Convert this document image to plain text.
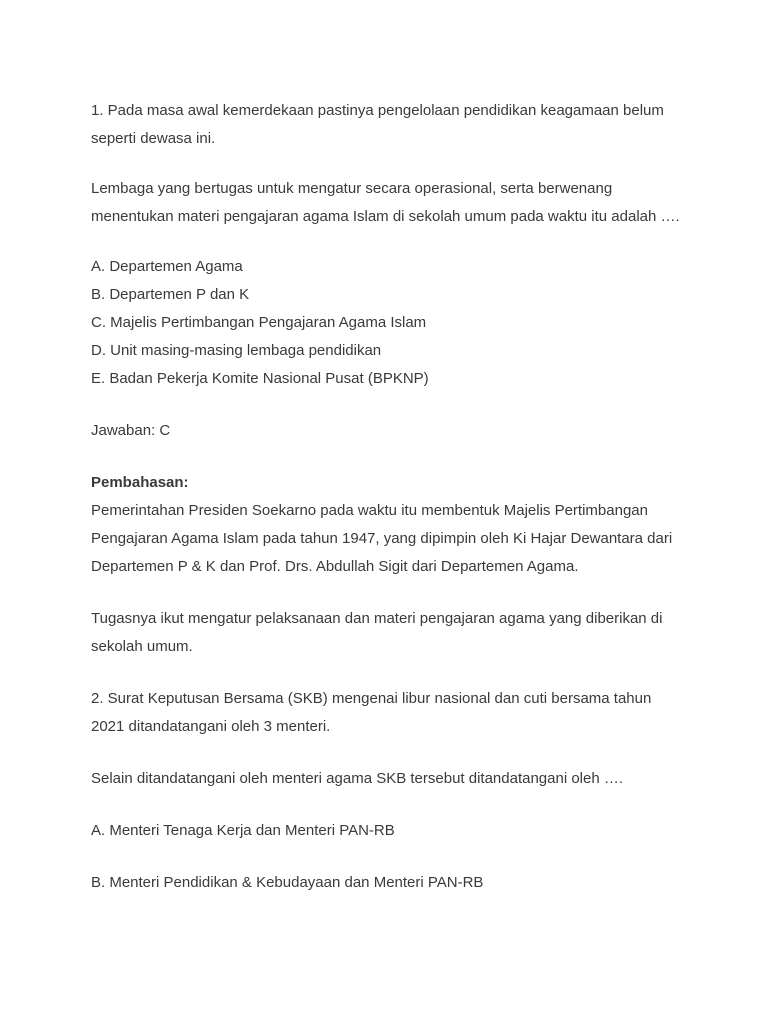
1. Pada masa awal kemerdekaan pastinya pengelolaan pendidikan keagamaan belum

seperti dewasa ini.

Lembaga yang bertugas untuk mengatur secara operasional, serta berwenang

menentukan materi pengajaran agama Islam di sekolah umum pada waktu itu adalah ….

A. Departemen Agama

B. Departemen P dan K

C. Majelis Pertimbangan Pengajaran Agama Islam

D. Unit masing-masing lembaga pendidikan

E. Badan Pekerja Komite Nasional Pusat (BPKNP)

Jawaban: C

Pembahasan:

Pemerintahan Presiden Soekarno pada waktu itu membentuk Majelis Pertimbangan

Pengajaran Agama Islam pada tahun 1947, yang dipimpin oleh Ki Hajar Dewantara dari

Departemen P & K dan Prof. Drs. Abdullah Sigit dari Departemen Agama.

Tugasnya ikut mengatur pelaksanaan dan materi pengajaran agama yang diberikan di

sekolah umum.

2. Surat Keputusan Bersama (SKB) mengenai libur nasional dan cuti bersama tahun

2021 ditandatangani oleh 3 menteri.

Selain ditandatangani oleh menteri agama SKB tersebut ditandatangani oleh ….

A. Menteri Tenaga Kerja dan Menteri PAN-RB

B. Menteri Pendidikan & Kebudayaan dan Menteri PAN-RB
